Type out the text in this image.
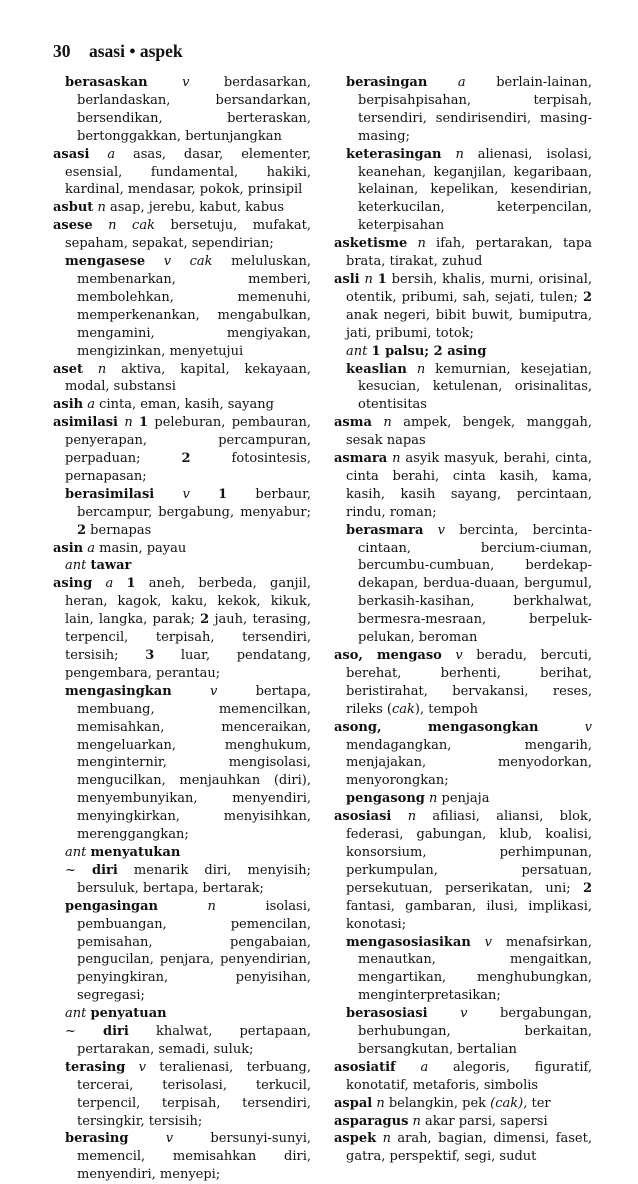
30 asasi • aspek

berasaskan	v berdasarkan, berlandaskan, bersandarkan, bersendikan, berteraskan, bertonggakkan, bertunjangkan

asasi a asas, dasar, elementer, esensial, fundamental, hakiki, kardinal, mendasar, pokok, prinsipil

asbut n asap, jerebu, kabut, kabus

asese n cak bersetuju, mufakat, sepaham, sepakat, sependirian;

mengasese v cak meluluskan, membenarkan, memberi, membolehkan, memenuhi, memperkenankan, mengabulkan, mengamini, mengiyakan, mengizinkan, menyetujui

aset n aktiva, kapital, kekayaan, modal, substansi

asih a cinta, eman, kasih, sayang

asimilasi n 1 peleburan, pembauran, penyerapan, percampuran, perpaduan; 2 fotosintesis, pernapasan;

berasimilasi v 1 berbaur, bercampur, bergabung, menyabur; 2 bernapas

asin a masin, payau

ant tawar

asing a 1 aneh, berbeda, ganjil, heran, kagok, kaku, kekok, kikuk, lain, langka, parak; 2 jauh, terasing, terpencil, terpisah, tersendiri, tersisih; 3 luar, pendatang, pengembara, perantau;

mengasingkan	v bertapa, membuang, memencilkan, memisahkan, menceraikan, mengeluarkan, menghukum, menginternir, mengisolasi, mengucilkan, menjauhkan (diri), menyembunyikan, menyendiri, menyingkirkan, menyisihkan, merenggangkan;

ant menyatukan

~ diri menarik diri, menyisih; bersuluk, bertapa, bertarak;

pengasingan	n isolasi, pembuangan, pemencilan, pemisahan, pengabaian, pengucilan, penjara, penyendirian, penyingkiran, penyisihan, segregasi;

ant penyatuan

~ diri khalwat, pertapaan, pertarakan, semadi, suluk;

terasing v teralienasi, terbuang, tercerai, terisolasi, terkucil, terpencil, terpisah, tersendiri, tersingkir, tersisih;

berasing	v bersunyi-sunyi, memencil, memisahkan diri, menyendiri, menyepi;

berasingan a berlain-lainan, berpisahpisahan, terpisah, tersendiri, sendirisendiri, masing-masing;

keterasingan n alienasi, isolasi, keanehan, keganjilan, kegaribaan, kelainan, kepelikan, kesendirian, keterkucilan, keterpencilan, keterpisahan

asketisme n ifah, pertarakan, tapa brata, tirakat, zuhud

asli n 1 bersih, khalis, murni, orisinal, otentik, pribumi, sah, sejati, tulen; 2 anak negeri, bibit buwit, bumiputra, jati, pribumi, totok;

ant 1 palsu; 2 asing

keaslian n kemurnian, kesejatian, kesucian, ketulenan, orisinalitas, otentisitas

asma n ampek, bengek, manggah, sesak napas

asmara n asyik masyuk, berahi, cinta, cinta berahi, cinta kasih, kama, kasih, kasih sayang, percintaan, rindu, roman;

berasmara v bercinta, bercinta-cintaan, bercium-ciuman, bercumbu-cumbuan, berdekap-dekapan, berdua-duaan, bergumul, berkasih-kasihan, berkhalwat, bermesra-mesraan, berpeluk-pelukan, beroman

aso, mengaso v beradu, bercuti, berehat, berhenti, berihat, beristirahat, bervakansi, reses, rileks (cak), tempoh

asong, mengasongkan	v mendagangkan, mengarih, menjajakan, menyodorkan, menyorongkan;

pengasong n penjaja

asosiasi n afiliasi, aliansi, blok, federasi, gabungan, klub, koalisi, konsorsium, perhimpunan, perkumpulan, persatuan, persekutuan, perserikatan, uni; 2 fantasi, gambaran, ilusi, implikasi, konotasi;

mengasosiasikan v menafsirkan, menautkan, mengaitkan, mengartikan, menghubungkan, menginterpretasikan;

berasosiasi	v bergabungan, berhubungan, berkaitan, bersangkutan, bertalian

asosiatif a alegoris, figuratif, konotatif, metaforis, simbolis

aspal n belangkin, pek (cak), ter

asparagus n akar parsi, sapersi

aspek n arah, bagian, dimensi, faset, gatra, perspektif, segi, sudut
